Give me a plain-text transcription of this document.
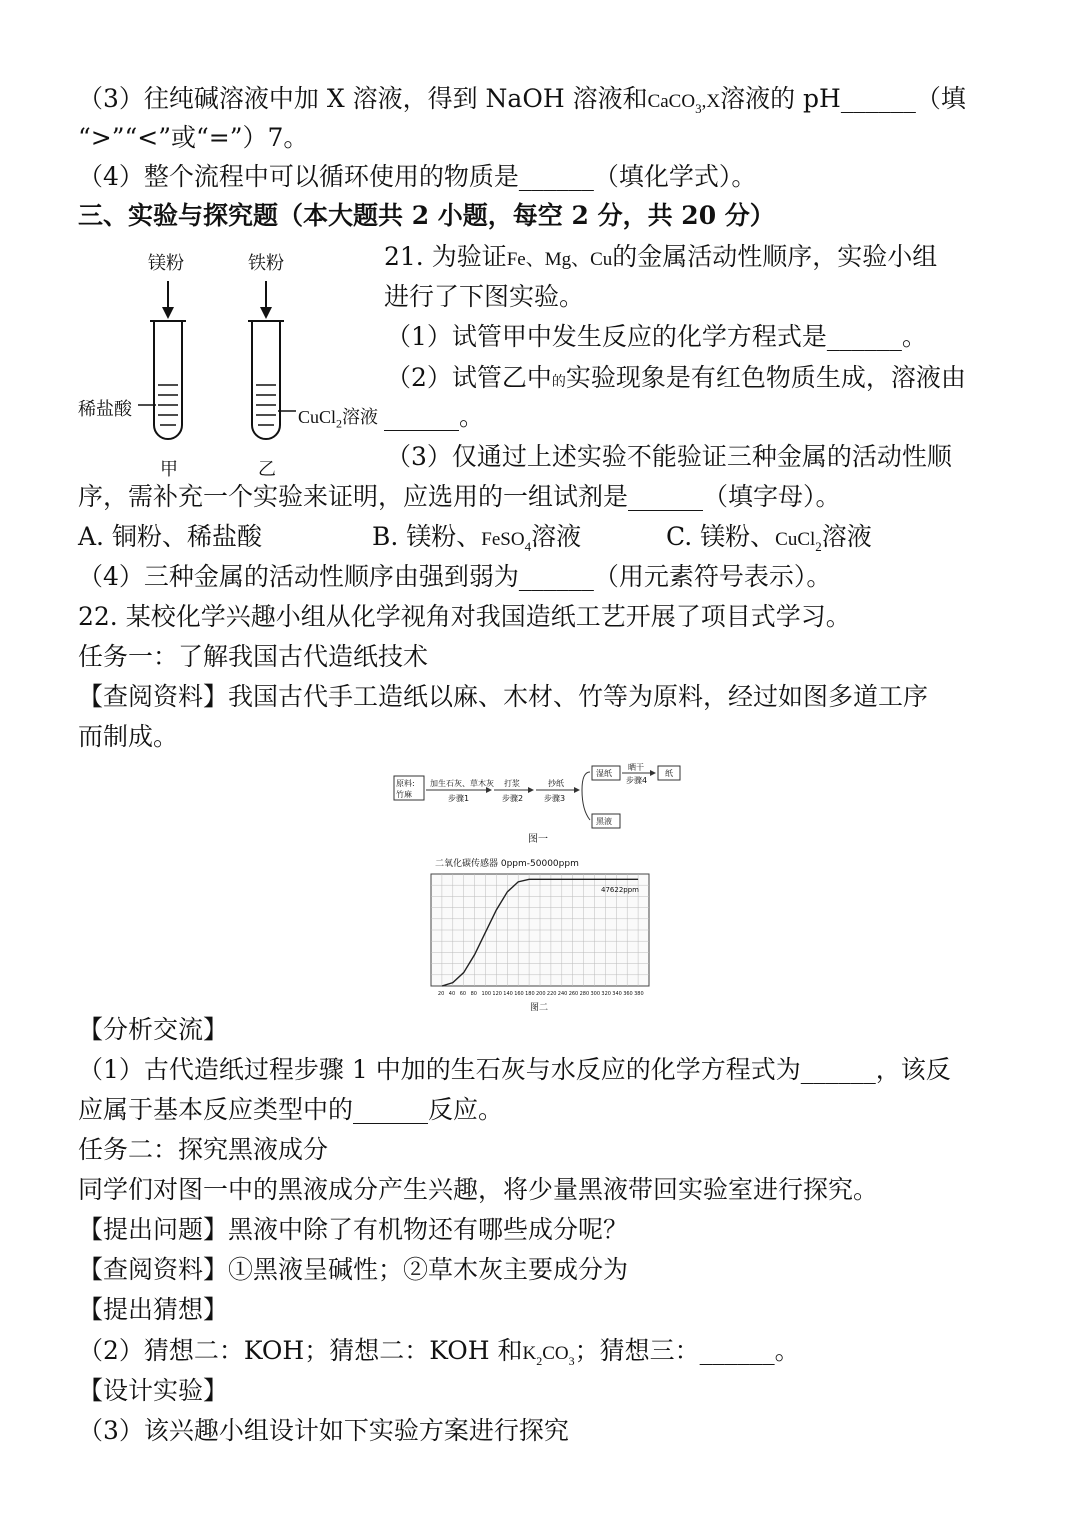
（3）往纯碱溶液中加 X 溶液，得到 NaOH 溶液和CaCO$_3$,X溶液的 pH______（填
“>”“<”或“=”）7。
（4）整个流程中可以循环使用的物质是______（填化学式）。
三、实验与探究题（本大题共 2 小题，每空 2 分，共 20 分）
镁粉	铁粉
稀盐酸	CuCl$_2$溶液
甲	乙
21. 为验证Fe、Mg、Cu的金属活动性顺序，实验小组
进行了下图实验。
（1）试管甲中发生反应的化学方程式是______。
（2）试管乙中的实验现象是有红色物质生成，溶液由
______。
（3）仅通过上述实验不能验证三种金属的活动性顺
序，需补充一个实验来证明，应选用的一组试剂是______（填字母）。
A. 铜粉、稀盐酸	B. 镁粉、FeSO$_4$溶液	C. 镁粉、CuCl$_2$溶液
（4）三种金属的活动性顺序由强到弱为______（用元素符号表示）。
22. 某校化学兴趣小组从化学视角对我国造纸工艺开展了项目式学习。
任务一：了解我国古代造纸技术
【查阅资料】我国古代手工造纸以麻、木材、竹等为原料，经过如图多道工序
而制成。
原料:
竹麻
加生石灰、草木灰
步骤1
打浆
步骤2
抄纸
步骤3
湿纸
晒干
步骤4
纸
黑液
图一
二氧化碳传感器 0ppm-50000ppm
20 40 60 80 100 120 140 160 180 200 220 240 260 280 300 320 340 360 380
47622ppm
图二
【分析交流】
（1）古代造纸过程步骤 1 中加的生石灰与水反应的化学方程式为______，该反
应属于基本反应类型中的______反应。
任务二：探究黑液成分
同学们对图一中的黑液成分产生兴趣，将少量黑液带回实验室进行探究。
【提出问题】黑液中除了有机物还有哪些成分呢？
【查阅资料】①黑液呈碱性；②草木灰主要成分为
【提出猜想】
（2）猜想二：KOH；猜想二：KOH 和$K_2CO_3$；猜想三：______。
【设计实验】
（3）该兴趣小组设计如下实验方案进行探究
